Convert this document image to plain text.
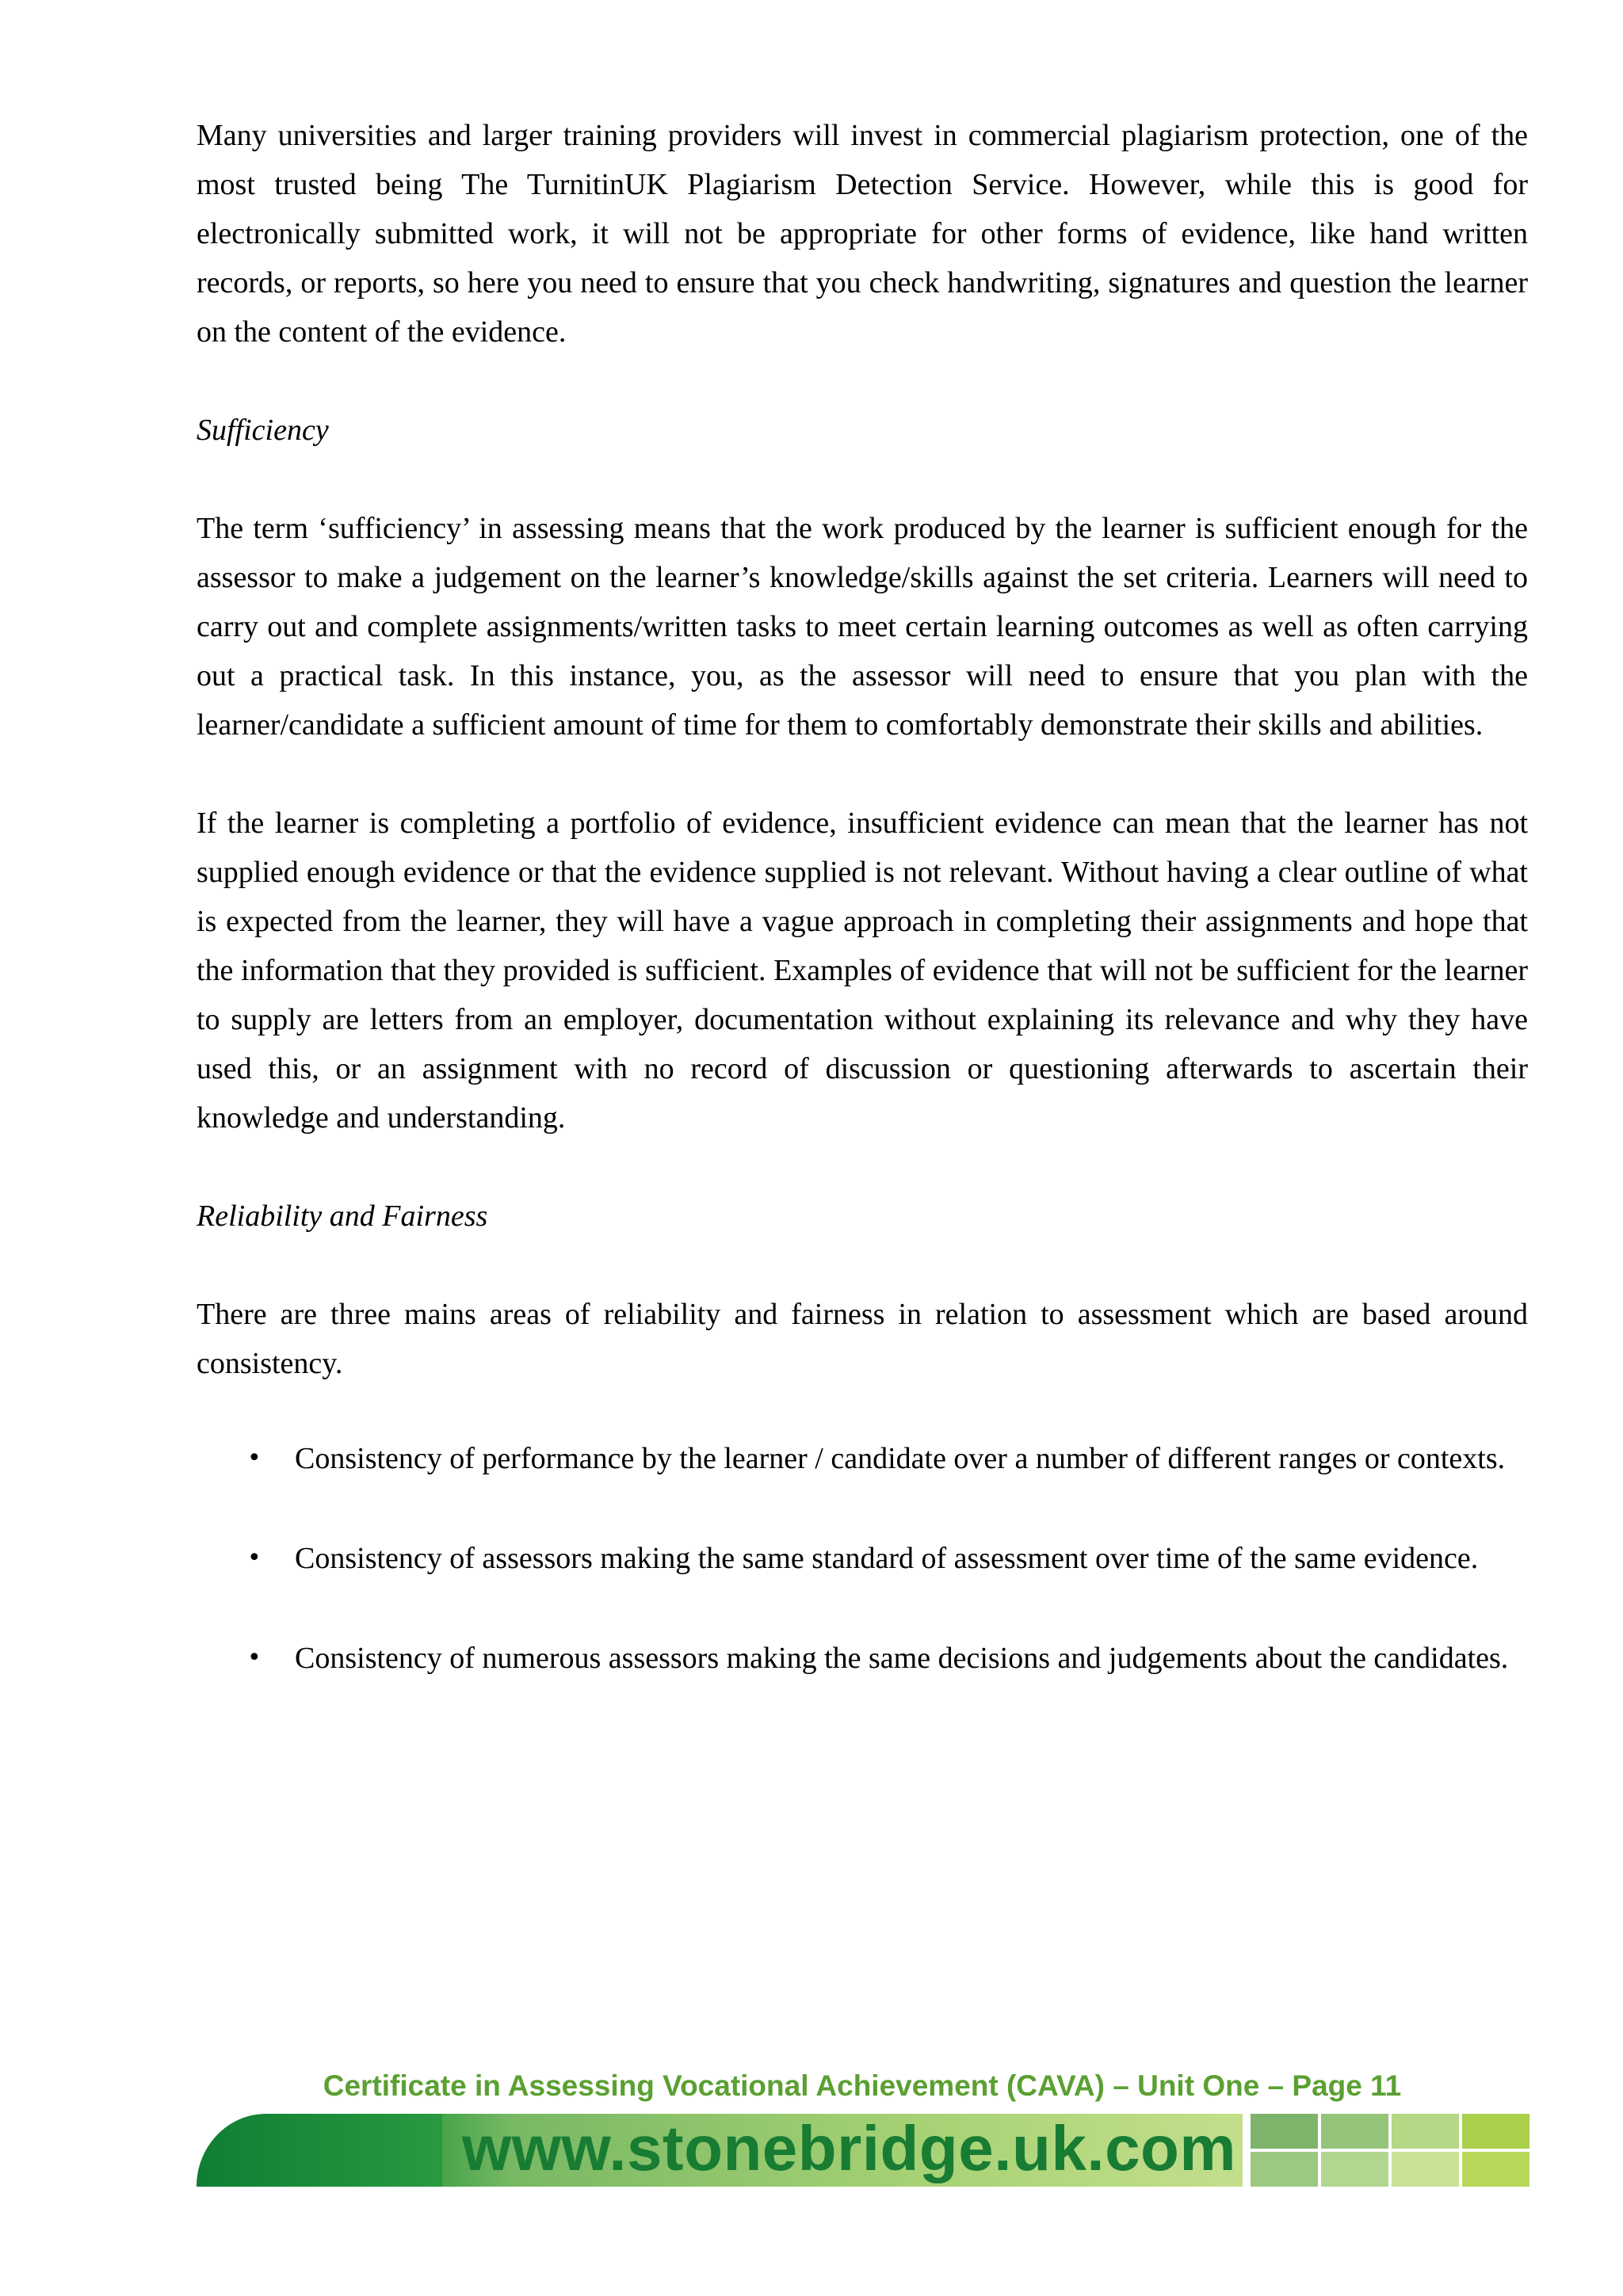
Many universities and larger training providers will invest in commercial plagiarism protection, one of the most trusted being The TurnitinUK Plagiarism Detection Service. However, while this is good for electronically submitted work, it will not be appropriate for other forms of evidence, like hand written records, or reports, so here you need to ensure that you check handwriting, signatures and question the learner on the content of the evidence.

Sufficiency

The term ‘sufficiency’ in assessing means that the work produced by the learner is sufficient enough for the assessor to make a judgement on the learner’s knowledge/skills against the set criteria. Learners will need to carry out and complete assignments/written tasks to meet certain learning outcomes as well as often carrying out a practical task. In this instance, you, as the assessor will need to ensure that you plan with the learner/candidate a sufficient amount of time for them to comfortably demonstrate their skills and abilities.

If the learner is completing a portfolio of evidence, insufficient evidence can mean that the learner has not supplied enough evidence or that the evidence supplied is not relevant. Without having a clear outline of what is expected from the learner, they will have a vague approach in completing their assignments and hope that the information that they provided is sufficient. Examples of evidence that will not be sufficient for the learner to supply are letters from an employer, documentation without explaining its relevance and why they have used this, or an assignment with no record of discussion or questioning afterwards to ascertain their knowledge and understanding.

Reliability and Fairness

There are three mains areas of reliability and fairness in relation to assessment which are based around consistency.

• Consistency of performance by the learner / candidate over a number of different ranges or contexts.
• Consistency of assessors making the same standard of assessment over time of the same evidence.
• Consistency of numerous assessors making the same decisions and judgements about the candidates.
Certificate in Assessing Vocational Achievement (CAVA) – Unit One – Page 11
www.stonebridge.uk.com
